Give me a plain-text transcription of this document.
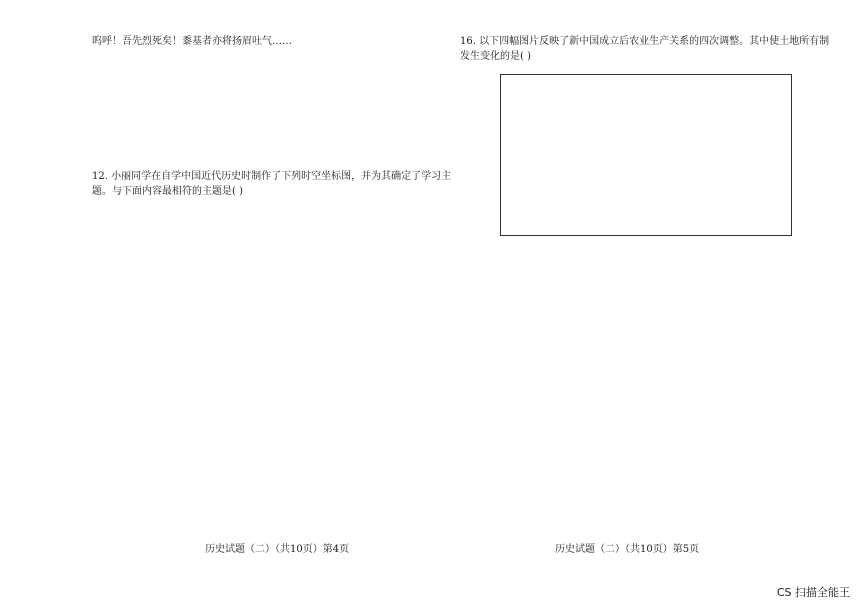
呜呼！吾先烈死矣！黍基者亦将扬眉吐气……
12. 小丽同学在自学中国近代历史时制作了下列时空坐标图，并为其确定了学习主题。与下面内容最相符的主题是( )
16. 以下四幅图片反映了新中国成立后农业生产关系的四次调整。其中使土地所有制发生变化的是( )
历史试题（二）（共10页）第4页	历史试题（二）（共10页）第5页
CS 扫描全能王
